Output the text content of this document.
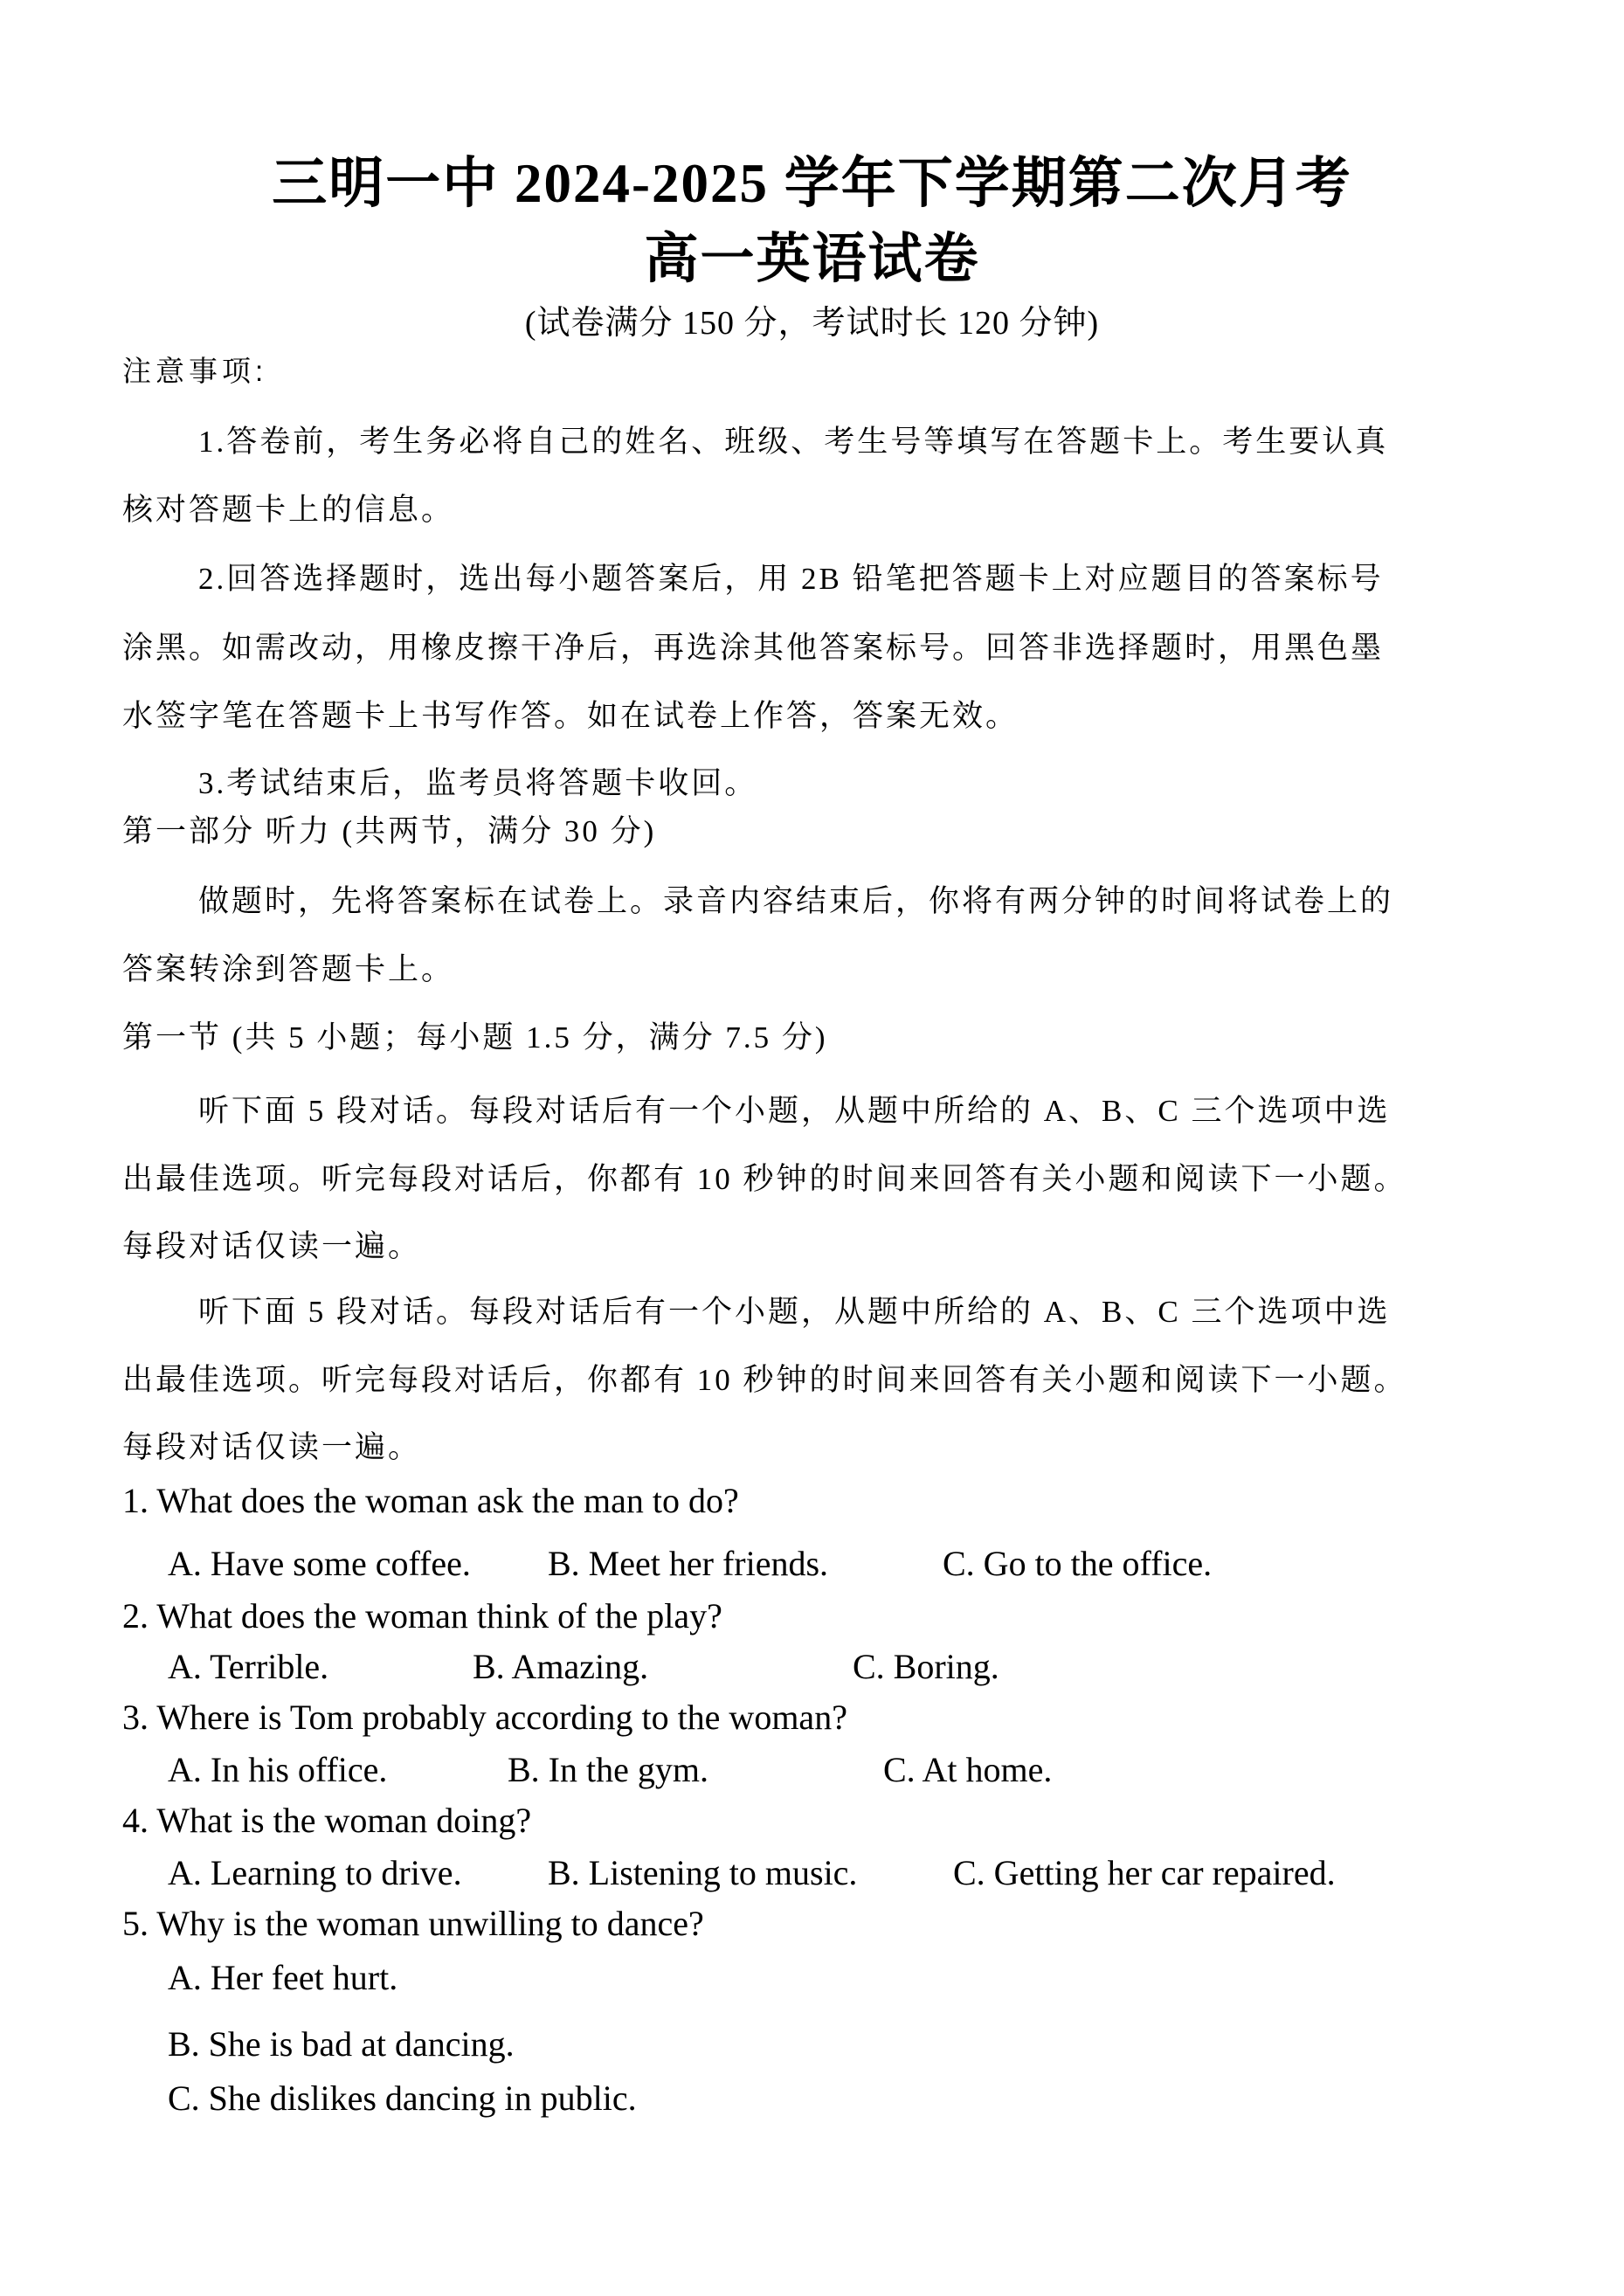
三明一中 2024-2025 学年下学期第二次月考
高一英语试卷
(试卷满分 150 分，考试时长 120 分钟)
注意事项:
1.答卷前，考生务必将自己的姓名、班级、考生号等填写在答题卡上。考生要认真
核对答题卡上的信息。
2.回答选择题时，选出每小题答案后，用 2B 铅笔把答题卡上对应题目的答案标号
涂黑。如需改动，用橡皮擦干净后，再选涂其他答案标号。回答非选择题时，用黑色墨
水签字笔在答题卡上书写作答。如在试卷上作答，答案无效。
3.考试结束后，监考员将答题卡收回。
第一部分 听力 (共两节，满分 30 分)
做题时，先将答案标在试卷上。录音内容结束后，你将有两分钟的时间将试卷上的
答案转涂到答题卡上。
第一节 (共 5 小题；每小题 1.5 分，满分 7.5 分)
听下面 5 段对话。每段对话后有一个小题，从题中所给的 A、B、C 三个选项中选
出最佳选项。听完每段对话后，你都有 10 秒钟的时间来回答有关小题和阅读下一小题。
每段对话仅读一遍。
听下面 5 段对话。每段对话后有一个小题，从题中所给的 A、B、C 三个选项中选
出最佳选项。听完每段对话后，你都有 10 秒钟的时间来回答有关小题和阅读下一小题。
每段对话仅读一遍。
1. What does the woman ask the man to do?
A. Have some coffee. B. Meet her friends.	C. Go to the office.
2. What does the woman think of the play?
A. Terrible.	B. Amazing.	C. Boring.
3. Where is Tom probably according to the woman?
A. In his office.	B. In the gym.	C. At home.
4. What is the woman doing?
A. Learning to drive. B. Listening to music.	C. Getting her car repaired.
5. Why is the woman unwilling to dance?
A. Her feet hurt.
B. She is bad at dancing.
C. She dislikes dancing in public.
